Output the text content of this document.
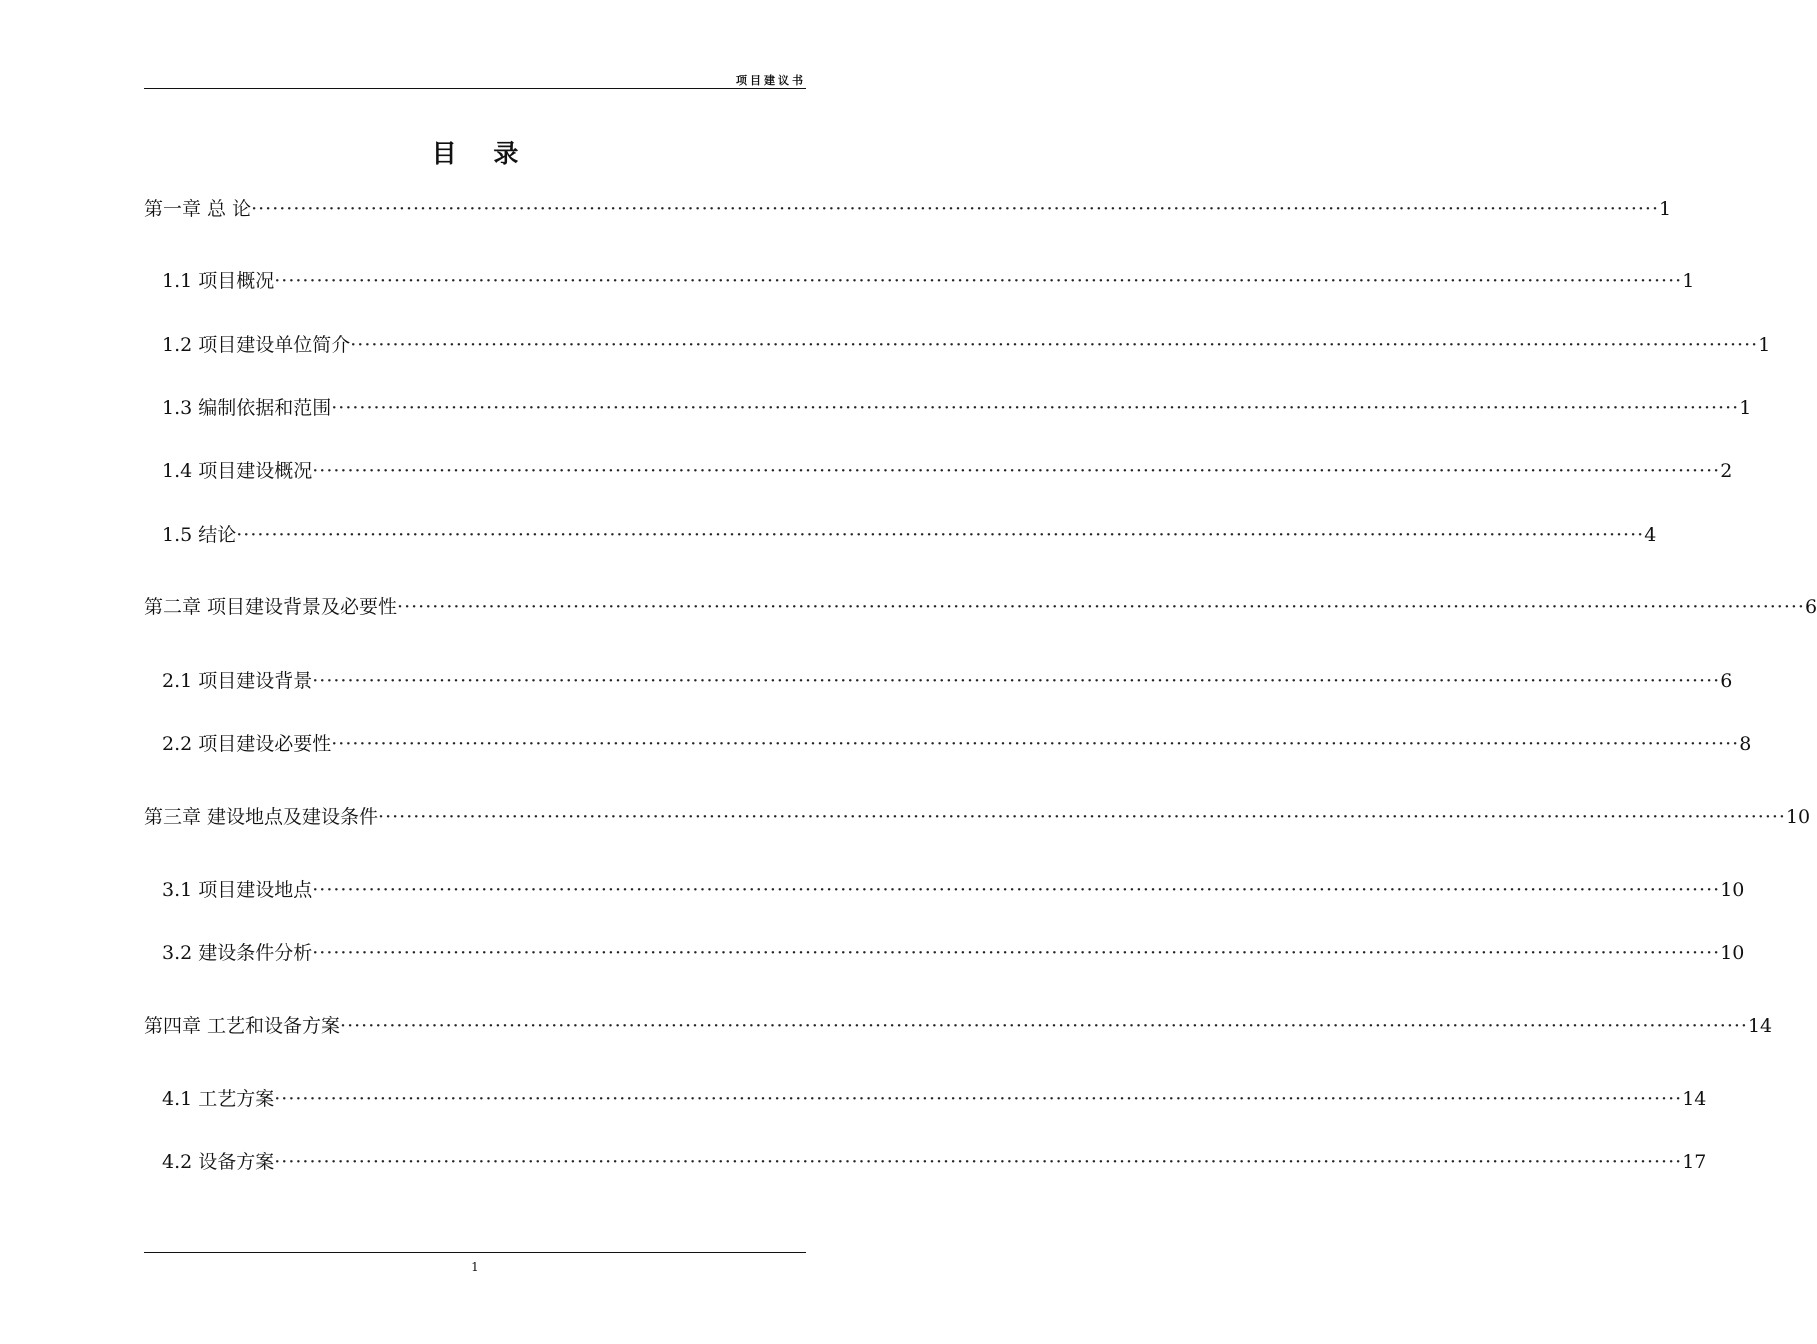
项目建议书
目 录
第一章 总 论 ········································································································································································································ 1
1.1 项目概况 ········································································································································································································ 1
1.2 项目建设单位简介 ········································································································································································································ 1
1.3 编制依据和范围 ········································································································································································································ 1
1.4 项目建设概况 ········································································································································································································ 2
1.5 结论 ········································································································································································································ 4
第二章 项目建设背景及必要性 ········································································································································································································ 6
2.1 项目建设背景 ········································································································································································································ 6
2.2 项目建设必要性 ········································································································································································································ 8
第三章 建设地点及建设条件 ········································································································································································································ 10
3.1 项目建设地点 ········································································································································································································ 10
3.2 建设条件分析 ········································································································································································································ 10
第四章 工艺和设备方案 ········································································································································································································ 14
4.1 工艺方案 ········································································································································································································ 14
4.2 设备方案 ········································································································································································································ 17
1
